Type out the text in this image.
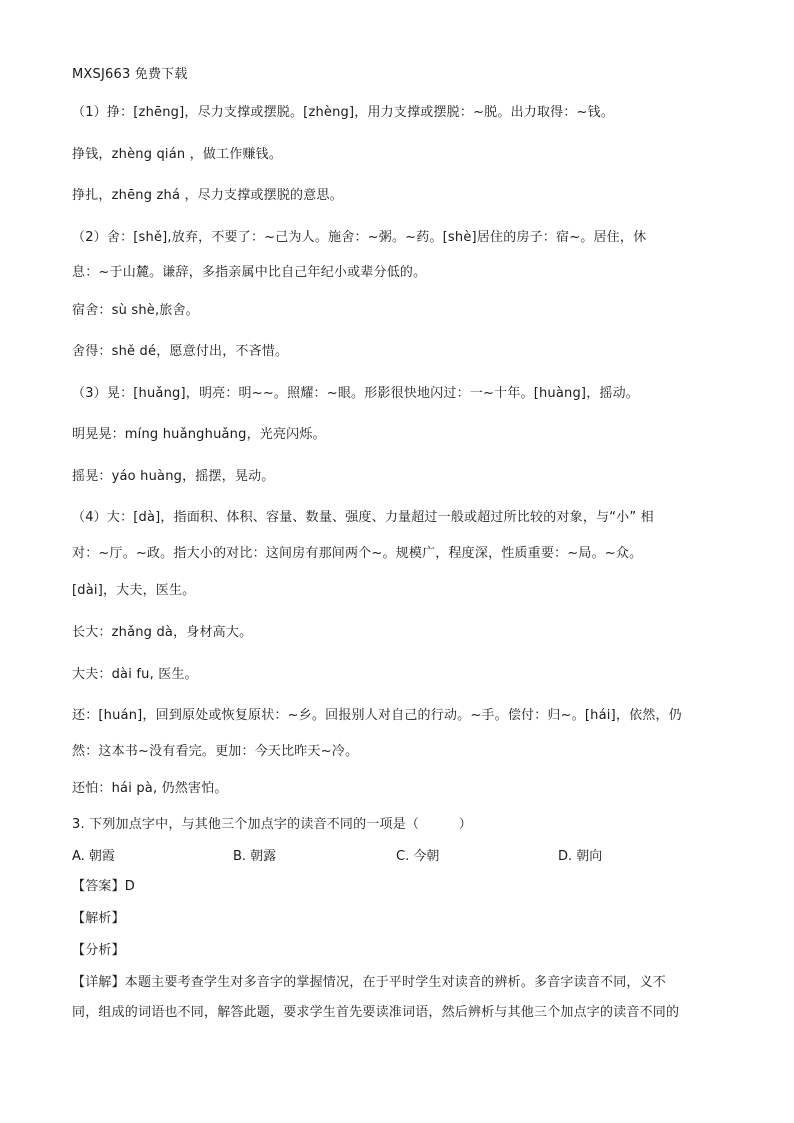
MXSJ663 免费下载
（1）挣：[zhēng]，尽力支撑或摆脱。[zhèng]，用力支撑或摆脱：~脱。出力取得：~钱。
挣钱，zhèng qián ，做工作赚钱。
挣扎，zhēng zhá ，尽力支撑或摆脱的意思。
（2）舍：[shě],放弃，不要了：~己为人。施舍：~粥。~药。[shè]居住的房子：宿~。居住，休
息：~于山麓。谦辞，多指亲属中比自己年纪小或辈分低的。
宿舍：sù shè,旅舍。
舍得：shě dé，愿意付出，不吝惜。
（3）晃：[huǎng]，明亮：明~~。照耀：~眼。形影很快地闪过：一~十年。[huàng]，摇动。
明晃晃：míng huǎnghuǎng，光亮闪烁。
摇晃：yáo huàng，摇摆，晃动。
（4）大：[dà]，指面积、体积、容量、数量、强度、力量超过一般或超过所比较的对象，与“小” 相
对：~厅。~政。指大小的对比：这间房有那间两个~。规模广，程度深，性质重要：~局。~众。
[dài]，大夫，医生。
长大：zhǎng dà，身材高大。
大夫：dài fu, 医生。
还：[huán]，回到原处或恢复原状：~乡。回报别人对自己的行动。~手。偿付：归~。[hái]，依然，仍
然：这本书~没有看完。更加：今天比昨天~冷。
还怕：hái pà, 仍然害怕。
3. 下列加点字中，与其他三个加点字的读音不同的一项是（　　　）
A. 朝霞	B. 朝露	C. 今朝	D. 朝向
【答案】D
【解析】
【分析】
【详解】本题主要考查学生对多音字的掌握情况，在于平时学生对读音的辨析。多音字读音不同，义不
同，组成的词语也不同，解答此题，要求学生首先要读准词语，然后辨析与其他三个加点字的读音不同的
